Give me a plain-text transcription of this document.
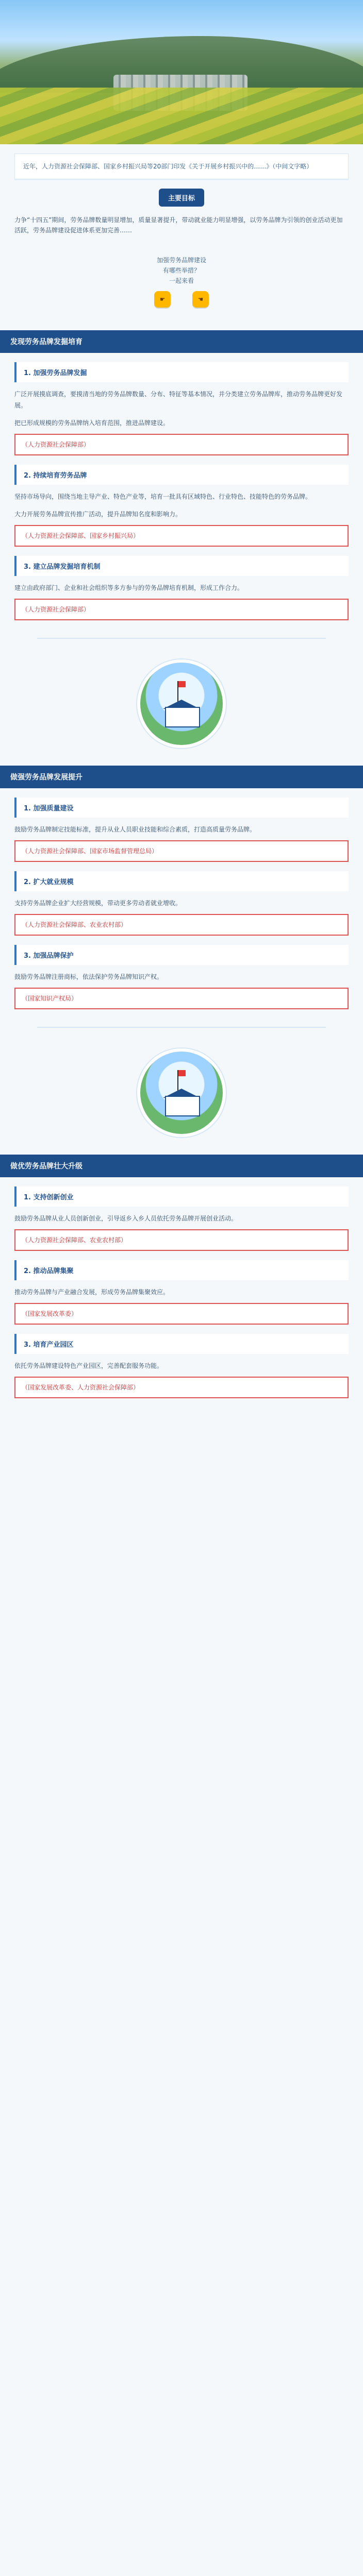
近年，人力资源社会保障部、国家乡村振兴局等20部门印发《关于开展乡村振兴中的……》（中间文字略）
主要目标
力争“十四五”期间，劳务品牌数量明显增加，质量显著提升，带动就业能力明显增强，以劳务品牌为引领的创业活动更加活跃，劳务品牌建设促进体系更加完善……
加强劳务品牌建设
有哪些举措？
一起来看
☛	☚
发现劳务品牌发掘培育
1. 加强劳务品牌发掘
广泛开展摸底调查，要摸清当地的劳务品牌数量、分布、特征等基本情况，并分类建立劳务品牌库，推动劳务品牌更好发展。
把已形成规模的劳务品牌纳入培育范围，推进品牌建设。
（人力资源社会保障部）
2. 持续培育劳务品牌
坚持市场导向，围绕当地主导产业、特色产业等，培育一批具有区域特色、行业特色、技能特色的劳务品牌。
大力开展劳务品牌宣传推广活动，提升品牌知名度和影响力。
（人力资源社会保障部、国家乡村振兴局）
3. 建立品牌发掘培育机制
建立由政府部门、企业和社会组织等多方参与的劳务品牌培育机制，形成工作合力。
（人力资源社会保障部）
做强劳务品牌发展提升
1. 加强质量建设
鼓励劳务品牌制定技能标准，提升从业人员职业技能和综合素质，打造高质量劳务品牌。
（人力资源社会保障部、国家市场监督管理总局）
2. 扩大就业规模
支持劳务品牌企业扩大经营规模，带动更多劳动者就业增收。
（人力资源社会保障部、农业农村部）
3. 加强品牌保护
鼓励劳务品牌注册商标，依法保护劳务品牌知识产权。
（国家知识产权局）
做优劳务品牌壮大升级
1. 支持创新创业
鼓励劳务品牌从业人员创新创业，引导返乡入乡人员依托劳务品牌开展创业活动。
（人力资源社会保障部、农业农村部）
2. 推动品牌集聚
推动劳务品牌与产业融合发展，形成劳务品牌集聚效应。
（国家发展改革委）
3. 培育产业园区
依托劳务品牌建设特色产业园区，完善配套服务功能。
（国家发展改革委、人力资源社会保障部）
